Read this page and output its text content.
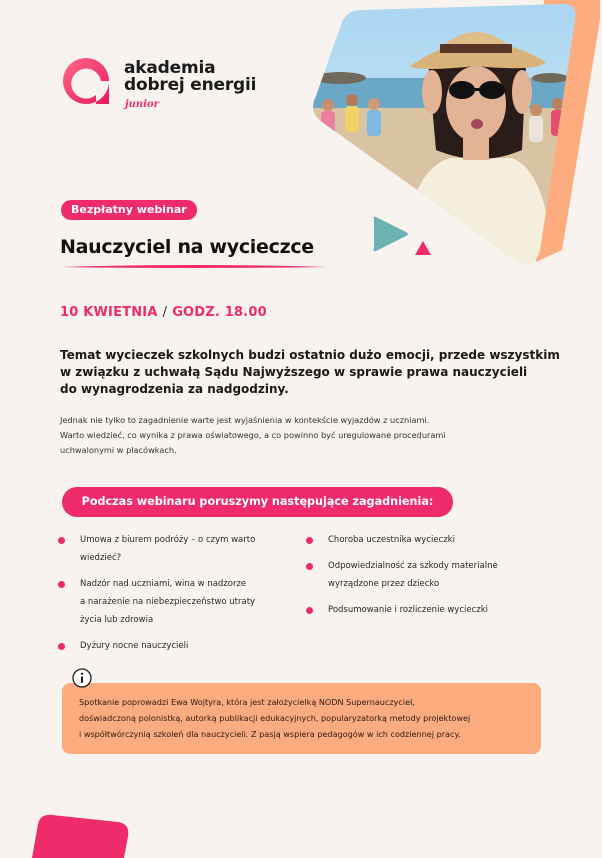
akademia
dobrej energii
junior
Bezpłatny webinar
Nauczyciel na wycieczce
10 KWIETNIA / GODZ. 18.00
Temat wycieczek szkolnych budzi ostatnio dużo emocji, przede wszystkim
w związku z uchwałą Sądu Najwyższego w sprawie prawa nauczycieli
do wynagrodzenia za nadgodziny.
Jednak nie tylko to zagadnienie warte jest wyjaśnienia w kontekście wyjazdów z uczniami.
Warto wiedzieć, co wynika z prawa oświatowego, a co powinno być uregulowane procedurami
uchwalonymi w placówkach.
Podczas webinaru poruszymy następujące zagadnienia:
Umowa z biurem podróży – o czym warto
wiedzieć?
Nadzór nad uczniami, wina w nadzorze
a narażenie na niebezpieczeństwo utraty
życia lub zdrowia
Dyżury nocne nauczycieli
Choroba uczestnika wycieczki
Odpowiedzialność za szkody materialne
wyrządzone przez dziecko
Podsumowanie i rozliczenie wycieczki
Spotkanie poprowadzi Ewa Wojtyra, która jest założycielką NODN Supernauczyciel,
doświadczoną polonistką, autorką publikacji edukacyjnych, popularyzatorką metody projektowej
i współtwórczynią szkoleń dla nauczycieli. Z pasją wspiera pedagogów w ich codziennej pracy.
